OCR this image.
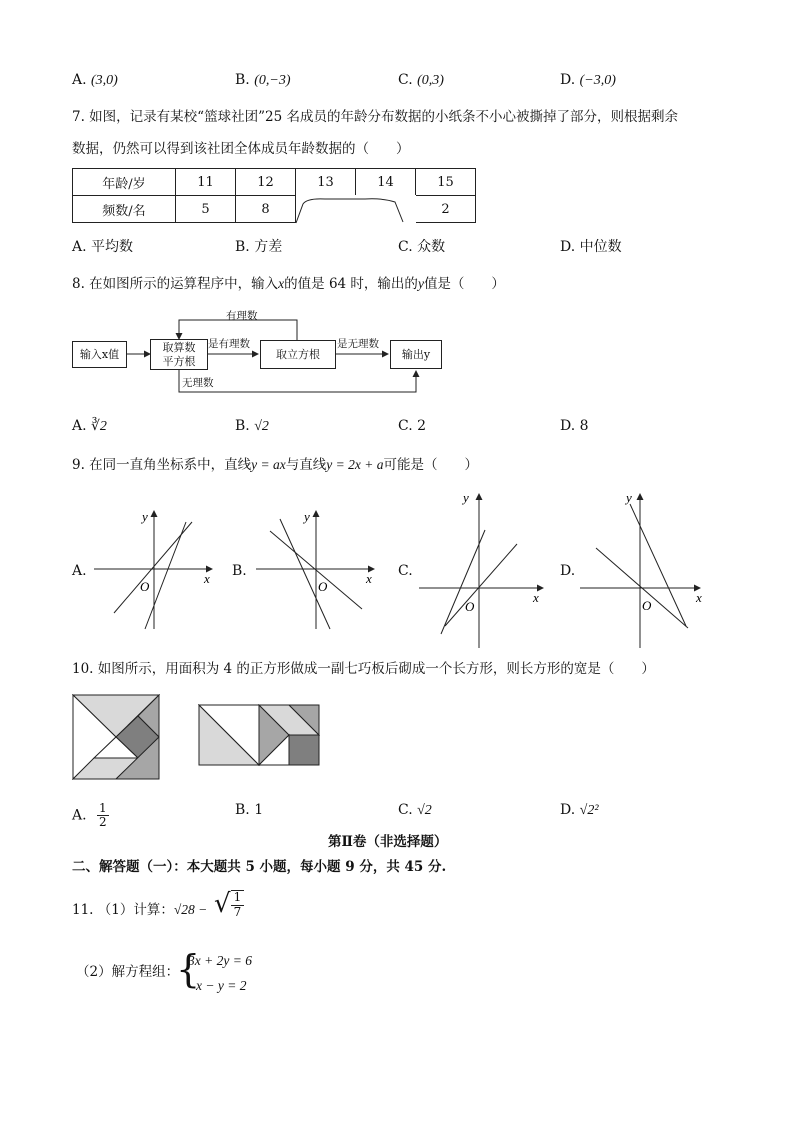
A. (3,0)	B. (0,−3)	C. (0,3)	D. (−3,0)
7. 如图，记录有某校“篮球社团”25 名成员的年龄分布数据的小纸条不小心被撕掉了部分，则根据剩余
数据，仍然可以得到该社团全体成员年龄数据的（　　）
年龄/岁	11	12	13	14	15
频数/名	5	8			2
A. 平均数	B. 方差	C. 众数	D. 中位数
8. 在如图所示的运算程序中，输入x的值是 64 时，输出的y值是（　　）
输入x值
取算数
平方根
取立方根	输出y
有理数
是有理数	是无理数
无理数
A. ∛2	B. √2	C. 2	D. 8
9. 在同一直角坐标系中，直线y = ax与直线y = 2x + a可能是（　　）
A.	x
y
O
B.	x
y
O
C.
x
y
O
D.
x
y
O
10. 如图所示，用面积为 4 的正方形做成一副七巧板后砌成一个长方形，则长方形的宽是（　　）
A. $\frac{1}{2}$	B. 1	C. √2	D. √2²
第Ⅱ卷（非选择题）
二、解答题（一）：本大题共 5 小题，每小题 9 分，共 45 分.
11. （1）计算：√28 − √ $\frac{1}{7}$
（2）解方程组：
{
3x + 2y = 6
x − y = 2
